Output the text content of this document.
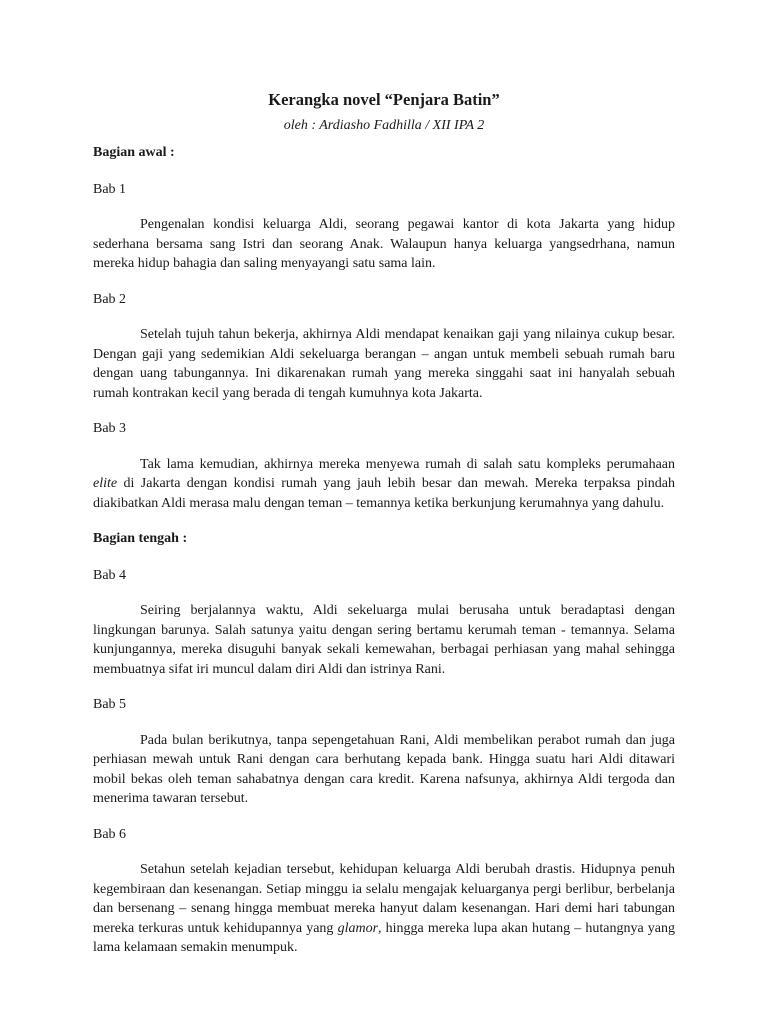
Kerangka novel “Penjara Batin”
oleh : Ardiasho Fadhilla / XII IPA 2
Bagian awal :
Bab 1
Pengenalan kondisi keluarga Aldi, seorang pegawai kantor di kota Jakarta yang hidup sederhana bersama sang Istri dan seorang Anak. Walaupun hanya keluarga yangsedrhana, namun mereka hidup bahagia dan saling menyayangi satu sama lain.
Bab 2
Setelah tujuh tahun bekerja, akhirnya Aldi mendapat kenaikan gaji yang nilainya cukup besar. Dengan gaji yang sedemikian Aldi sekeluarga berangan – angan untuk membeli sebuah rumah baru dengan uang tabungannya. Ini dikarenakan rumah yang mereka singgahi saat ini hanyalah sebuah rumah kontrakan kecil yang berada di tengah kumuhnya kota Jakarta.
Bab 3
Tak lama kemudian, akhirnya mereka menyewa rumah di salah satu kompleks perumahaan elite di Jakarta dengan kondisi rumah yang jauh lebih besar dan mewah. Mereka terpaksa pindah diakibatkan Aldi merasa malu dengan teman – temannya ketika berkunjung kerumahnya yang dahulu.
Bagian tengah :
Bab 4
Seiring berjalannya waktu, Aldi sekeluarga mulai berusaha untuk beradaptasi dengan lingkungan barunya. Salah satunya yaitu dengan sering bertamu kerumah teman - temannya. Selama kunjungannya, mereka disuguhi banyak sekali kemewahan, berbagai perhiasan yang mahal sehingga membuatnya sifat iri muncul dalam diri Aldi dan istrinya Rani.
Bab 5
Pada bulan berikutnya, tanpa sepengetahuan Rani, Aldi membelikan perabot rumah dan juga perhiasan mewah untuk Rani dengan cara berhutang kepada bank. Hingga suatu hari Aldi ditawari mobil bekas oleh teman sahabatnya dengan cara kredit. Karena nafsunya, akhirnya Aldi tergoda dan menerima tawaran tersebut.
Bab 6
Setahun setelah kejadian tersebut, kehidupan keluarga Aldi berubah drastis. Hidupnya penuh kegembiraan dan kesenangan. Setiap minggu ia selalu mengajak keluarganya pergi berlibur, berbelanja dan bersenang – senang hingga membuat mereka hanyut dalam kesenangan. Hari demi hari tabungan mereka terkuras untuk kehidupannya yang glamor, hingga mereka lupa akan hutang – hutangnya yang lama kelamaan semakin menumpuk.
